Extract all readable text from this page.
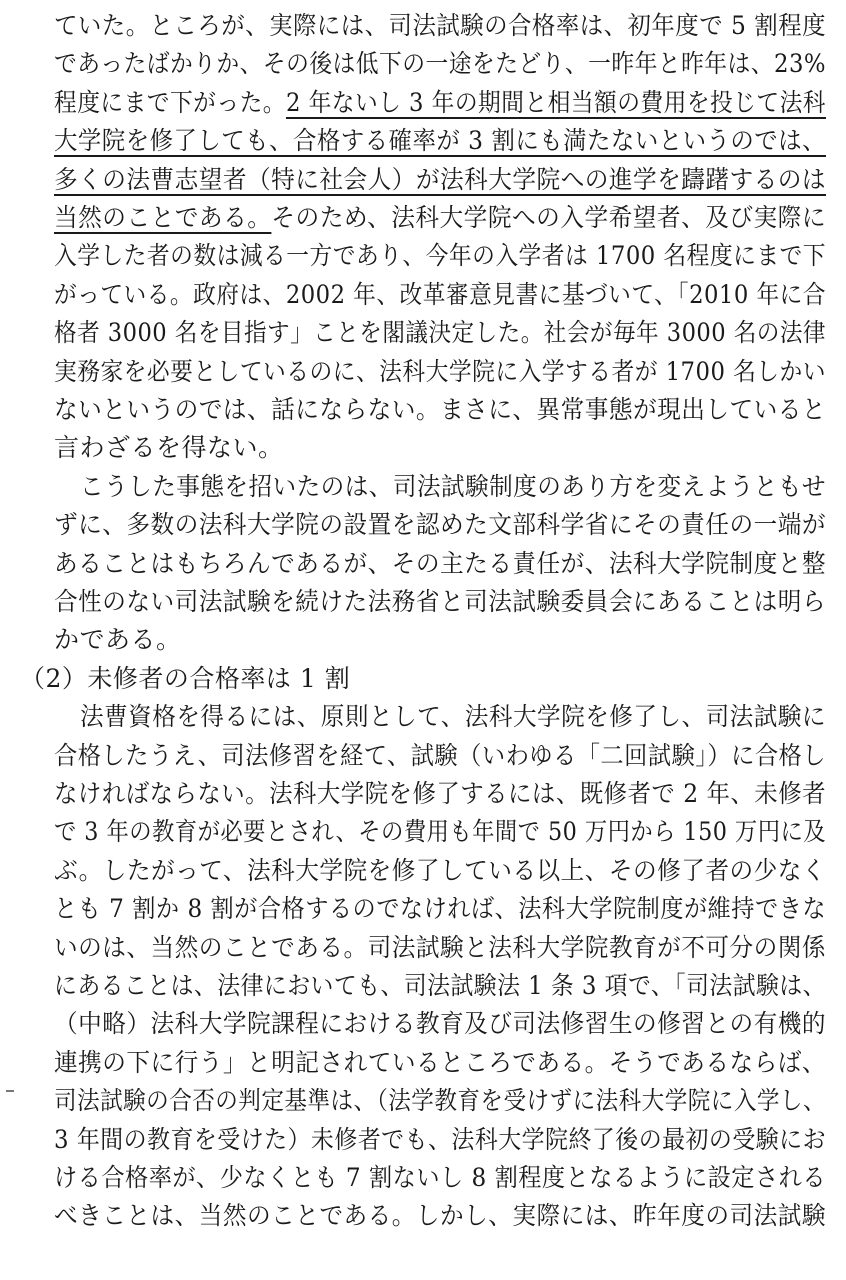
ていた。ところが、実際には、司法試験の合格率は、初年度で 5 割程度
であったばかりか、その後は低下の一途をたどり、一昨年と昨年は、23%
程度にまで下がった。2 年ないし 3 年の期間と相当額の費用を投じて法科
大学院を修了しても、合格する確率が 3 割にも満たないというのでは、
多くの法曹志望者（特に社会人）が法科大学院への進学を躊躇するのは
当然のことである。そのため、法科大学院への入学希望者、及び実際に
入学した者の数は減る一方であり、今年の入学者は 1700 名程度にまで下
がっている。政府は、2002 年、改革審意見書に基づいて、「2010 年に合
格者 3000 名を目指す」ことを閣議決定した。社会が毎年 3000 名の法律
実務家を必要としているのに、法科大学院に入学する者が 1700 名しかい
ないというのでは、話にならない。まさに、異常事態が現出していると
言わざるを得ない。
こうした事態を招いたのは、司法試験制度のあり方を変えようともせ
ずに、多数の法科大学院の設置を認めた文部科学省にその責任の一端が
あることはもちろんであるが、その主たる責任が、法科大学院制度と整
合性のない司法試験を続けた法務省と司法試験委員会にあることは明ら
かである。
（2）未修者の合格率は 1 割
法曹資格を得るには、原則として、法科大学院を修了し、司法試験に
合格したうえ、司法修習を経て、試験（いわゆる「二回試験」）に合格し
なければならない。法科大学院を修了するには、既修者で 2 年、未修者
で 3 年の教育が必要とされ、その費用も年間で 50 万円から 150 万円に及
ぶ。したがって、法科大学院を修了している以上、その修了者の少なく
とも 7 割か 8 割が合格するのでなければ、法科大学院制度が維持できな
いのは、当然のことである。司法試験と法科大学院教育が不可分の関係
にあることは、法律においても、司法試験法 1 条 3 項で、「司法試験は、
（中略）法科大学院課程における教育及び司法修習生の修習との有機的
連携の下に行う」と明記されているところである。そうであるならば、
司法試験の合否の判定基準は、（法学教育を受けずに法科大学院に入学し、
3 年間の教育を受けた）未修者でも、法科大学院終了後の最初の受験にお
ける合格率が、少なくとも 7 割ないし 8 割程度となるように設定される
べきことは、当然のことである。しかし、実際には、昨年度の司法試験
